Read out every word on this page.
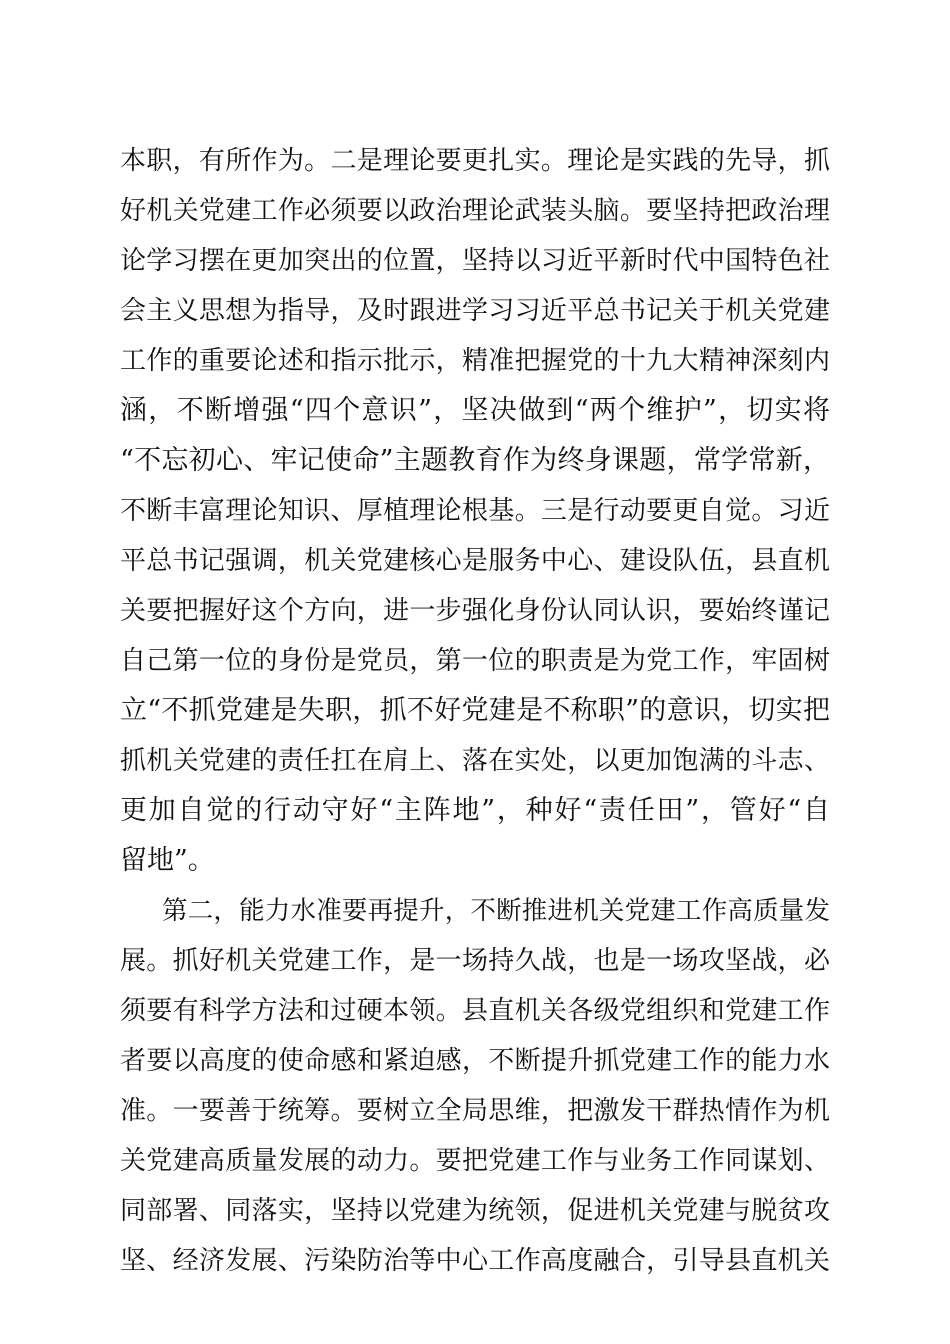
本职，有所作为。二是理论要更扎实。理论是实践的先导，抓
好机关党建工作必须要以政治理论武装头脑。要坚持把政治理
论学习摆在更加突出的位置，坚持以习近平新时代中国特色社
会主义思想为指导，及时跟进学习习近平总书记关于机关党建
工作的重要论述和指示批示，精准把握党的十九大精神深刻内
涵，不断增强“四个意识”，坚决做到“两个维护”，切实将
“不忘初心、牢记使命”主题教育作为终身课题，常学常新，
不断丰富理论知识、厚植理论根基。三是行动要更自觉。习近
平总书记强调，机关党建核心是服务中心、建设队伍，县直机
关要把握好这个方向，进一步强化身份认同认识，要始终谨记
自己第一位的身份是党员，第一位的职责是为党工作，牢固树
立“不抓党建是失职，抓不好党建是不称职”的意识，切实把
抓机关党建的责任扛在肩上、落在实处，以更加饱满的斗志、
更加自觉的行动守好“主阵地”，种好“责任田”，管好“自
留地”。
第二，能力水准要再提升，不断推进机关党建工作高质量发
展。抓好机关党建工作，是一场持久战，也是一场攻坚战，必
须要有科学方法和过硬本领。县直机关各级党组织和党建工作
者要以高度的使命感和紧迫感，不断提升抓党建工作的能力水
准。一要善于统筹。要树立全局思维，把激发干群热情作为机
关党建高质量发展的动力。要把党建工作与业务工作同谋划、
同部署、同落实，坚持以党建为统领，促进机关党建与脱贫攻
坚、经济发展、污染防治等中心工作高度融合，引导县直机关
